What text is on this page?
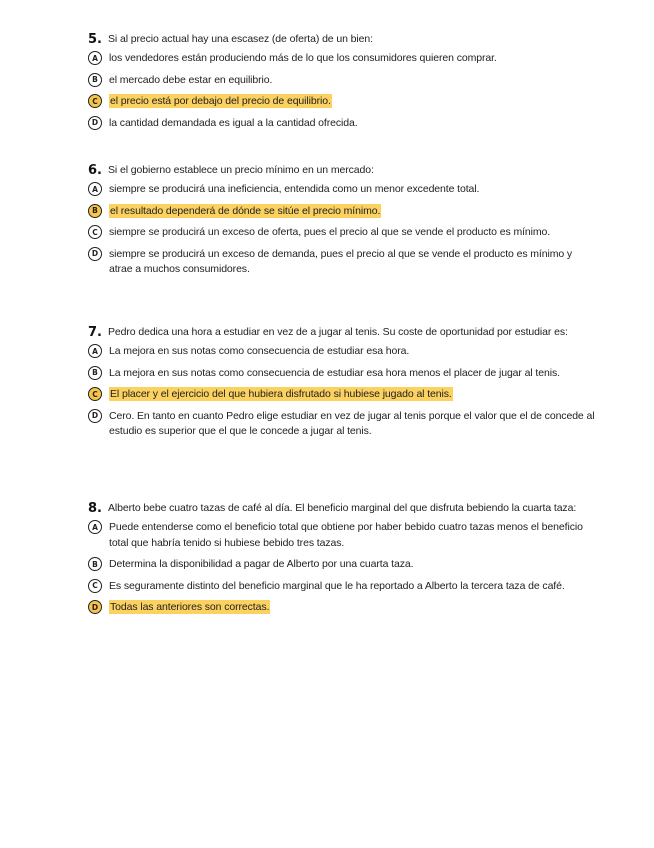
5. Si al precio actual hay una escasez (de oferta) de un bien:
A	los vendedores están produciendo más de lo que los consumidores quieren comprar.
B	el mercado debe estar en equilibrio.
C	el precio está por debajo del precio de equilibrio.
D	la cantidad demandada es igual a la cantidad ofrecida.
6. Si el gobierno establece un precio mínimo en un mercado:
A	siempre se producirá una ineficiencia, entendida como un menor excedente total.
B	el resultado dependerá de dónde se sitúe el precio mínimo.
C	siempre se producirá un exceso de oferta, pues el precio al que se vende el producto es mínimo.
D	siempre se producirá un exceso de demanda, pues el precio al que se vende el producto es mínimo y atrae a muchos consumidores.
7. Pedro dedica una hora a estudiar en vez de a jugar al tenis. Su coste de oportunidad por estudiar es:
A	La mejora en sus notas como consecuencia de estudiar esa hora.
B	La mejora en sus notas como consecuencia de estudiar esa hora menos el placer de jugar al tenis.
C	El placer y el ejercicio del que hubiera disfrutado si hubiese jugado al tenis.
D	Cero. En tanto en cuanto Pedro elige estudiar en vez de jugar al tenis porque el valor que el de concede al estudio es superior que el que le concede a jugar al tenis.
8. Alberto bebe cuatro tazas de café al día. El beneficio marginal del que disfruta bebiendo la cuarta taza:
A	Puede entenderse como el beneficio total que obtiene por haber bebido cuatro tazas menos el beneficio total que habría tenido si hubiese bebido tres tazas.
B	Determina la disponibilidad a pagar de Alberto por una cuarta taza.
C	Es seguramente distinto del beneficio marginal que le ha reportado a Alberto la tercera taza de café.
D	Todas las anteriores son correctas.
